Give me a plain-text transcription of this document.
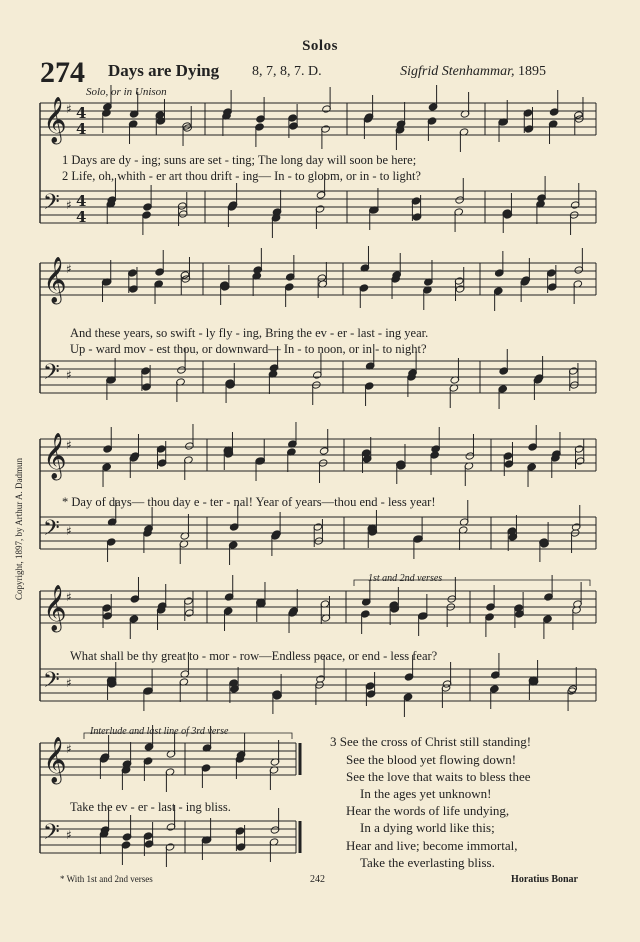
Solos
274 Days are Dying 8, 7, 8, 7. D.	Sigfrid Stenhammar, 1895
Solo, or in Unison
Copyright, 1897, by Arthur A. Dadmun
𝄞 ♯ 4
4
𝄢 ♯ 4
4
𝄞 ♯
𝄢 ♯
𝄞 ♯
𝄢 ♯
𝄞 ♯
𝄢 ♯
𝄞 ♯
𝄢 ♯
1 Days are dy - ing; suns are set - ting; The long day will soon be here;
2 Life, oh, whith - er art thou drift - ing— In - to gloom, or in - to light?
And these years, so swift - ly fly - ing, Bring the ev - er - last - ing year.
Up - ward mov - est thou, or downward— In - to noon, or in - to night?
* Day of days— thou day e - ter - nal! Year of years—thou end - less year!
1st and 2nd verses
What shall be thy great to - mor - row—Endless peace, or end - less fear?
Interlude and last line of 3rd verse
Take the ev - er - last - ing bliss.
3 See the cross of Christ still standing!
See the blood yet flowing down!
See the love that waits to bless thee
In the ages yet unknown!
Hear the words of life undying,
In a dying world like this;
Hear and live; become immortal,
Take the everlasting bliss.
* With 1st and 2nd verses	242	Horatius Bonar
